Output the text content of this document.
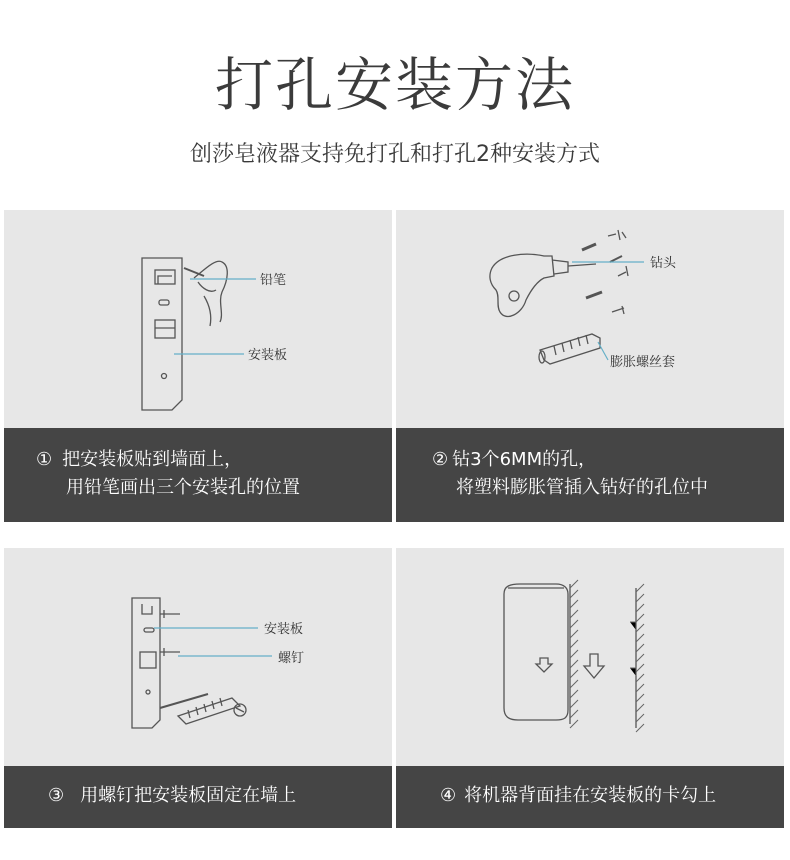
打孔安装方法
创莎皂液器支持免打孔和打孔2种安装方式
铅笔
安装板
① 把安装板贴到墙面上，
用铅笔画出三个安装孔的位置
钻头
膨胀螺丝套
② 钻3个6MM的孔，
将塑料膨胀管插入钻好的孔位中
安装板
螺钉
③ 用螺钉把安装板固定在墙上	④ 将机器背面挂在安装板的卡勾上
